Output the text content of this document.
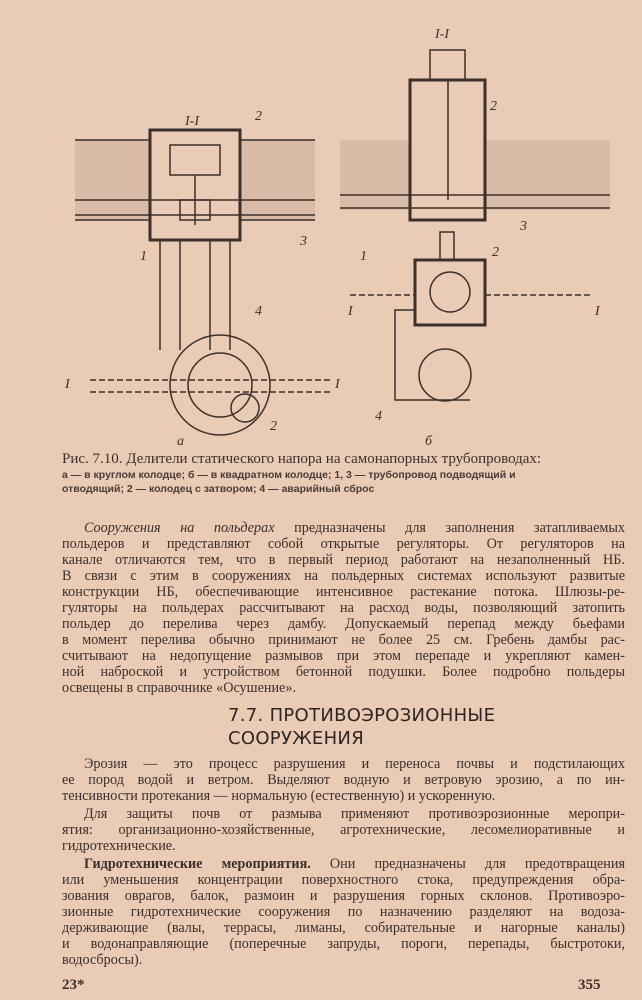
I-I	2
1
3
4
2
I	I
а
I-I
2
1
3
2
4
I	I
б
Рис. 7.10. Делители статического напора на самонапорных трубопроводах:
а — в круглом колодце; б — в квадратном колодце; 1, 3 — трубопровод подводящий и
отводящий; 2 — колодец с затвором; 4 — аварийный сброс
Сооружения на польдерах предназначены для заполнения затапливаемых
польдеров и представляют собой открытые регуляторы. От регуляторов на
канале отличаются тем, что в первый период работают на незаполненный НБ.
В связи с этим в сооружениях на польдерных системах используют развитые
конструкции НБ, обеспечивающие интенсивное растекание потока. Шлюзы-ре-
гуляторы на польдерах рассчитывают на расход воды, позволяющий затопить
польдер до перелива через дамбу. Допускаемый перепад между бьефами
в момент перелива обычно принимают не более 25 см. Гребень дамбы рас-
считывают на недопущение размывов при этом перепаде и укрепляют камен-
ной наброской и устройством бетонной подушки. Более подробно польдеры
освещены в справочнике «Осушение».
7.7. ПРОТИВОЭРОЗИОННЫЕ
СООРУЖЕНИЯ
Эрозия — это процесс разрушения и переноса почвы и подстилающих
ее пород водой и ветром. Выделяют водную и ветровую эрозию, а по ин-
тенсивности протекания — нормальную (естественную) и ускоренную.
Для защиты почв от размыва применяют противоэрозионные меропри-
ятия: организационно-хозяйственные, агротехнические, лесомелиоративные и
гидротехнические.
Гидротехнические мероприятия. Они предназначены для предотвращения
или уменьшения концентрации поверхностного стока, предупреждения обра-
зования оврагов, балок, размоин и разрушения горных склонов. Противоэро-
зионные гидротехнические сооружения по назначению разделяют на водоза-
держивающие (валы, террасы, лиманы, собирательные и нагорные каналы)
и водонаправляющие (поперечные запруды, пороги, перепады, быстротоки,
водосбросы).
23*	355
